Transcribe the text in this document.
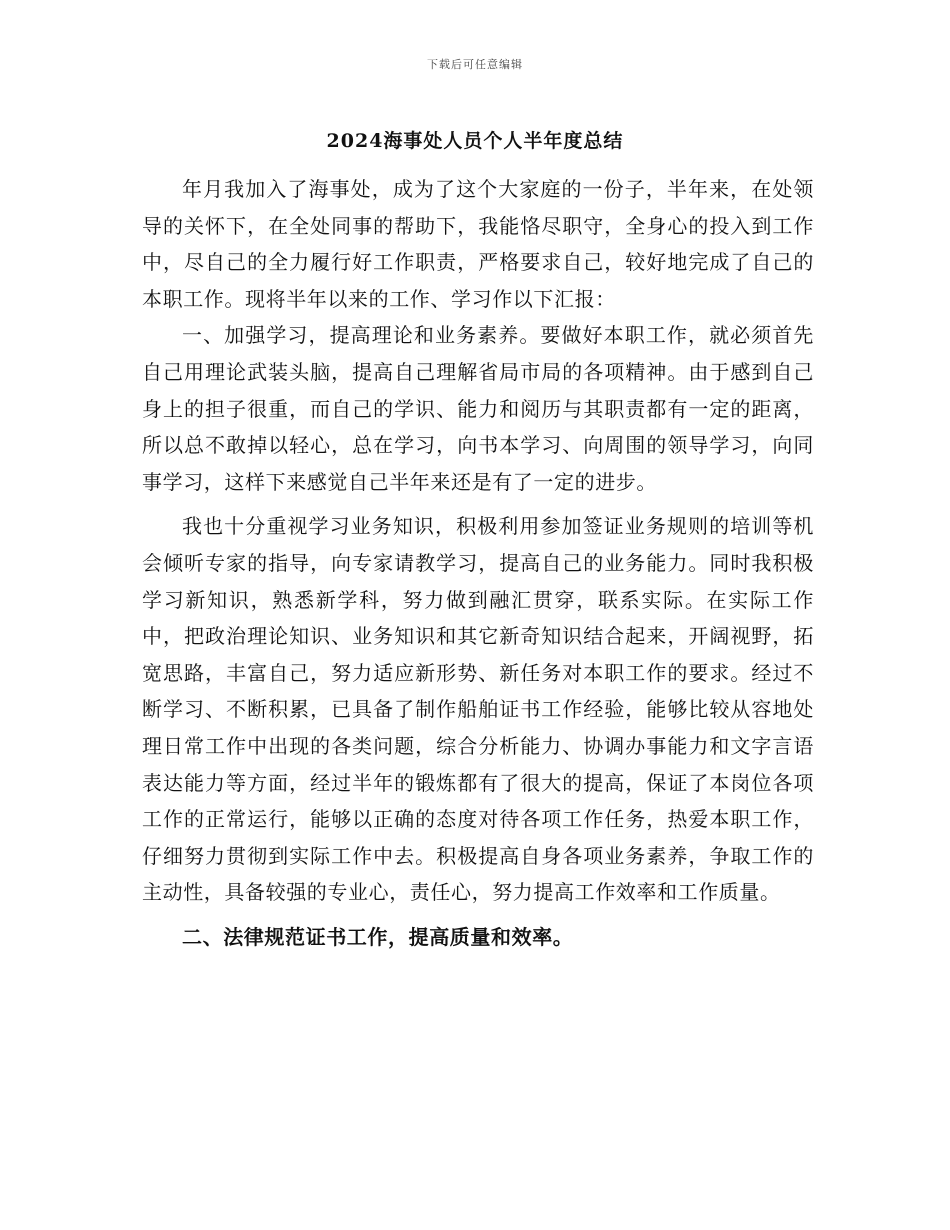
下载后可任意编辑
2024海事处人员个人半年度总结

年月我加入了海事处，成为了这个大家庭的一份子，半年来，在处领导的关怀下，在全处同事的帮助下，我能恪尽职守，全身心的投入到工作中，尽自己的全力履行好工作职责，严格要求自己，较好地完成了自己的本职工作。现将半年以来的工作、学习作以下汇报：

一、加强学习，提高理论和业务素养。要做好本职工作，就必须首先自己用理论武装头脑，提高自己理解省局市局的各项精神。由于感到自己身上的担子很重，而自己的学识、能力和阅历与其职责都有一定的距离，所以总不敢掉以轻心，总在学习，向书本学习、向周围的领导学习，向同事学习，这样下来感觉自己半年来还是有了一定的进步。

我也十分重视学习业务知识，积极利用参加签证业务规则的培训等机会倾听专家的指导，向专家请教学习，提高自己的业务能力。同时我积极学习新知识，熟悉新学科，努力做到融汇贯穿，联系实际。在实际工作中，把政治理论知识、业务知识和其它新奇知识结合起来，开阔视野，拓宽思路，丰富自己，努力适应新形势、新任务对本职工作的要求。经过不断学习、不断积累，已具备了制作船舶证书工作经验，能够比较从容地处理日常工作中出现的各类问题，综合分析能力、协调办事能力和文字言语表达能力等方面，经过半年的锻炼都有了很大的提高，保证了本岗位各项工作的正常运行，能够以正确的态度对待各项工作任务，热爱本职工作，仔细努力贯彻到实际工作中去。积极提高自身各项业务素养，争取工作的主动性，具备较强的专业心，责任心，努力提高工作效率和工作质量。

二、法律规范证书工作，提高质量和效率。
